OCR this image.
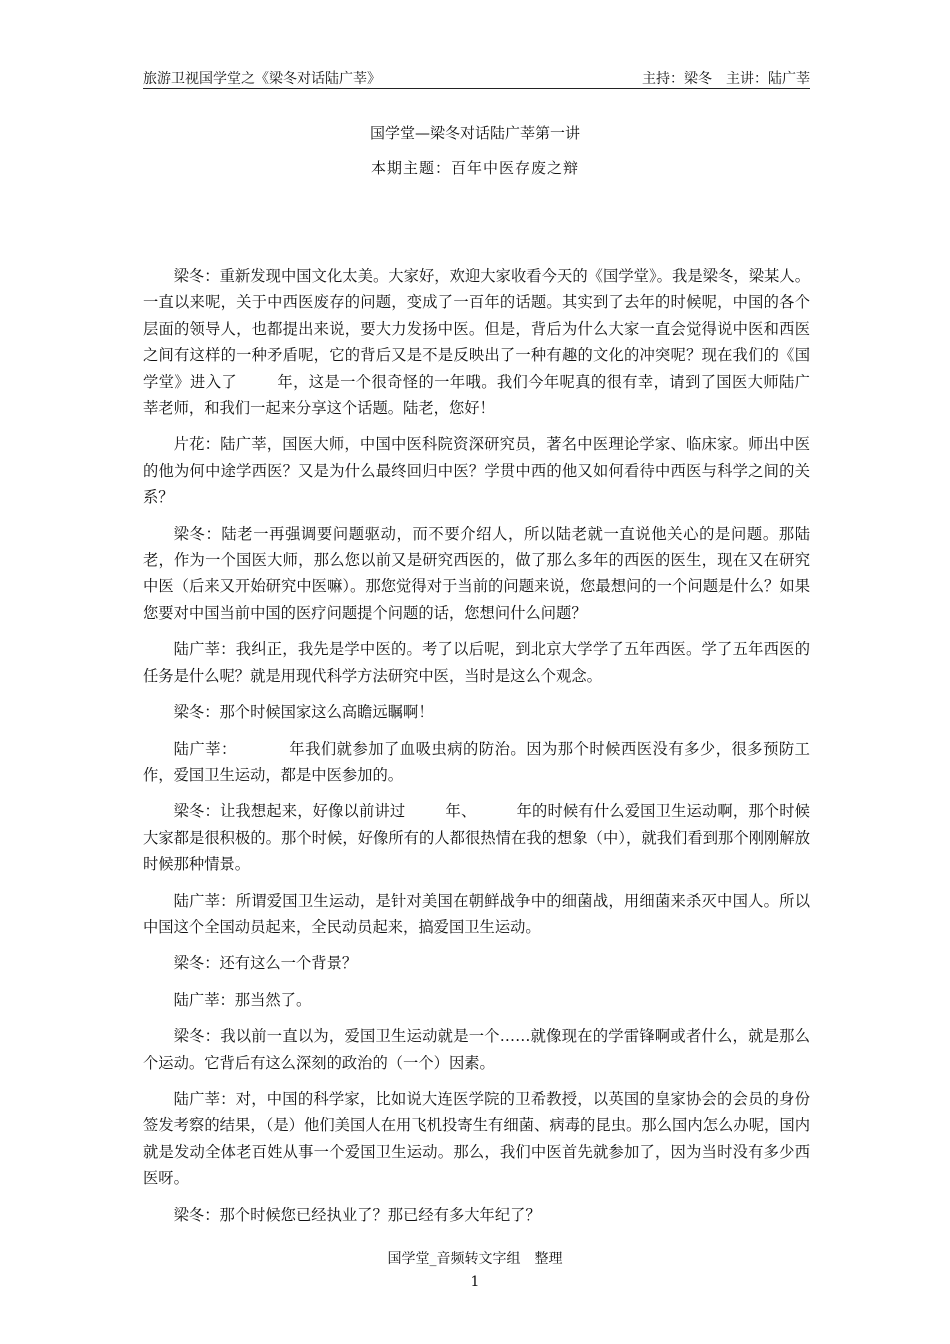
旅游卫视国学堂之《梁冬对话陆广莘》	主持：梁冬　主讲：陆广莘
国学堂—梁冬对话陆广莘第一讲
本期主题：百年中医存废之辩

梁冬：重新发现中国文化太美。大家好，欢迎大家收看今天的《国学堂》。我是梁冬，梁某人。一直以来呢，关于中西医废存的问题，变成了一百年的话题。其实到了去年的时候呢，中国的各个层面的领导人，也都提出来说，要大力发扬中医。但是，背后为什么大家一直会觉得说中医和西医之间有这样的一种矛盾呢，它的背后又是不是反映出了一种有趣的文化的冲突呢？现在我们的《国学堂》进入了	年，这是一个很奇怪的一年哦。我们今年呢真的很有幸，请到了国医大师陆广莘老师，和我们一起来分享这个话题。陆老，您好！

片花：陆广莘，国医大师，中国中医科院资深研究员，著名中医理论学家、临床家。师出中医的他为何中途学西医？又是为什么最终回归中医？学贯中西的他又如何看待中西医与科学之间的关系？

梁冬：陆老一再强调要问题驱动，而不要介绍人，所以陆老就一直说他关心的是问题。那陆老，作为一个国医大师，那么您以前又是研究西医的，做了那么多年的西医的医生，现在又在研究中医（后来又开始研究中医嘛）。那您觉得对于当前的问题来说，您最想问的一个问题是什么？如果您要对中国当前中国的医疗问题提个问题的话，您想问什么问题？

陆广莘：我纠正，我先是学中医的。考了以后呢，到北京大学学了五年西医。学了五年西医的任务是什么呢？就是用现代科学方法研究中医，当时是这么个观念。

梁冬：那个时候国家这么高瞻远瞩啊！

陆广莘：	年我们就参加了血吸虫病的防治。因为那个时候西医没有多少，很多预防工作，爱国卫生运动，都是中医参加的。

梁冬：让我想起来，好像以前讲过	年、	年的时候有什么爱国卫生运动啊，那个时候大家都是很积极的。那个时候，好像所有的人都很热情在我的想象（中），就我们看到那个刚刚解放时候那种情景。

陆广莘：所谓爱国卫生运动，是针对美国在朝鲜战争中的细菌战，用细菌来杀灭中国人。所以中国这个全国动员起来，全民动员起来，搞爱国卫生运动。

梁冬：还有这么一个背景？

陆广莘：那当然了。

梁冬：我以前一直以为，爱国卫生运动就是一个……就像现在的学雷锋啊或者什么，就是那么个运动。它背后有这么深刻的政治的（一个）因素。

陆广莘：对，中国的科学家，比如说大连医学院的卫希教授，以英国的皇家协会的会员的身份签发考察的结果，（是）他们美国人在用飞机投寄生有细菌、病毒的昆虫。那么国内怎么办呢，国内就是发动全体老百姓从事一个爱国卫生运动。那么，我们中医首先就参加了，因为当时没有多少西医呀。

梁冬：那个时候您已经执业了？那已经有多大年纪了？

国学堂_音频转文字组　整理
1
